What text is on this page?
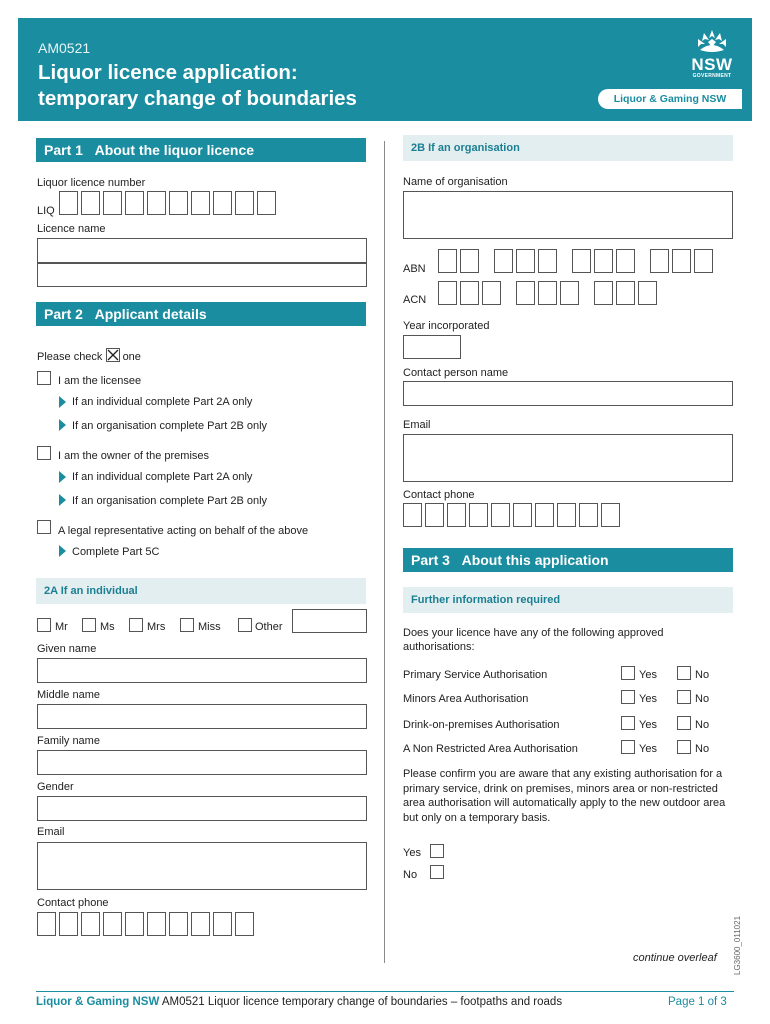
AM0521
Liquor licence application:
temporary change of boundaries
NSW
GOVERNMENT
Liquor & Gaming NSW
Part 1 About the liquor licence
Liquor licence number
LIQ
Licence name
Part 2 Applicant details
Please check one
I am the licensee
If an individual complete Part 2A only
If an organisation complete Part 2B only
I am the owner of the premises
If an individual complete Part 2A only
If an organisation complete Part 2B only
A legal representative acting on behalf of the above
Complete Part 5C
2A If an individual
Mr	Ms	Mrs	Miss	Other
Given name
Middle name
Family name
Gender
Email
Contact phone
2B If an organisation
Name of organisation
ABN
ACN
Year incorporated
Contact person name
Email
Contact phone
Part 3 About this application
Further information required
Does your licence have any of the following approved authorisations:
Primary Service Authorisation	Yes	No
Minors Area Authorisation	Yes	No
Drink-on-premises Authorisation	Yes	No
A Non Restricted Area Authorisation	Yes	No
Please confirm you are aware that any existing authorisation for a primary service, drink on premises, minors area or non-restricted area authorisation will automatically apply to the new outdoor area but only on a temporary basis.
Yes
No
continue overleaf LG3600_011021
Liquor & Gaming NSW AM0521 Liquor licence temporary change of boundaries – footpaths and roads	Page 1 of 3
